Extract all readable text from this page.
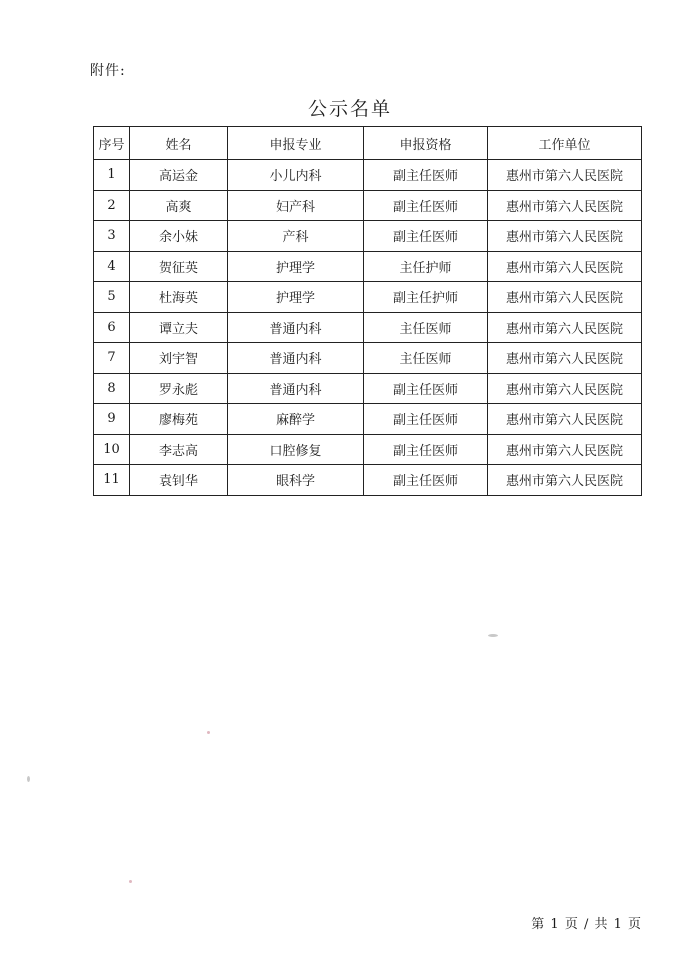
附件:
公示名单
序号	姓名	申报专业	申报资格	工作单位
1	高运金	小儿内科	副主任医师	惠州市第六人民医院
2	高爽	妇产科	副主任医师	惠州市第六人民医院
3	余小妹	产科	副主任医师	惠州市第六人民医院
4	贺征英	护理学	主任护师	惠州市第六人民医院
5	杜海英	护理学	副主任护师	惠州市第六人民医院
6	谭立夫	普通内科	主任医师	惠州市第六人民医院
7	刘宇智	普通内科	主任医师	惠州市第六人民医院
8	罗永彪	普通内科	副主任医师	惠州市第六人民医院
9	廖梅苑	麻醉学	副主任医师	惠州市第六人民医院
10	李志高	口腔修复	副主任医师	惠州市第六人民医院
11	袁钊华	眼科学	副主任医师	惠州市第六人民医院
第 1 页 / 共 1 页
